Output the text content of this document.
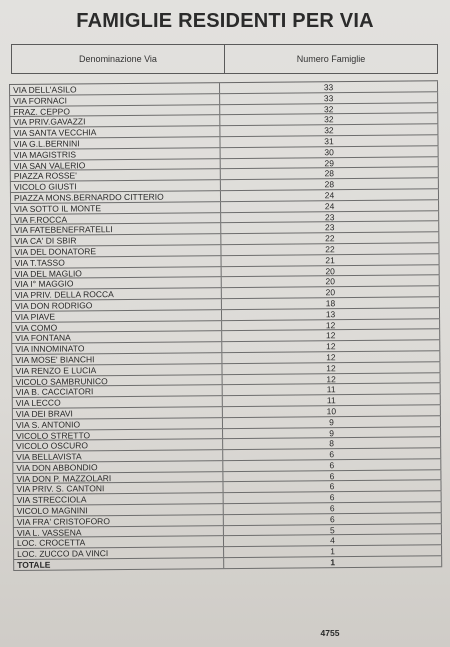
FAMIGLIE RESIDENTI PER VIA
Denominazione Via	Numero Famiglie
VIA DELL'ASILO	33
VIA FORNACI	33
FRAZ. CEPPO	32
VIA PRIV.GAVAZZI	32
VIA SANTA VECCHIA	32
VIA G.L.BERNINI	31
VIA MAGISTRIS	30
VIA SAN VALERIO	29
PIAZZA ROSSE'	28
VICOLO GIUSTI	28
PIAZZA MONS.BERNARDO CITTERIO	24
VIA SOTTO IL MONTE	24
VIA F.ROCCA	23
VIA FATEBENEFRATELLI	23
VIA CA' DI SBIR	22
VIA DEL DONATORE	22
VIA T.TASSO	21
VIA DEL MAGLIO	20
VIA I° MAGGIO	20
VIA PRIV. DELLA ROCCA	20
VIA DON RODRIGO	18
VIA PIAVE	13
VIA COMO	12
VIA FONTANA	12
VIA INNOMINATO	12
VIA MOSE' BIANCHI	12
VIA RENZO E LUCIA	12
VICOLO SAMBRUNICO	12
VIA B. CACCIATORI	11
VIA LECCO	11
VIA DEI BRAVI	10
VIA S. ANTONIO	9
VICOLO STRETTO	9
VICOLO OSCURO	8
VIA BELLAVISTA	6
VIA DON ABBONDIO	6
VIA DON P. MAZZOLARI	6
VIA PRIV. S. CANTONI	6
VIA STRECCIOLA	6
VICOLO MAGNINI	6
VIA FRA' CRISTOFORO	6
VIA L. VASSENA	5
LOC. CROCETTA	4
LOC. ZUCCO DA VINCI	1
TOTALE	1
4755
